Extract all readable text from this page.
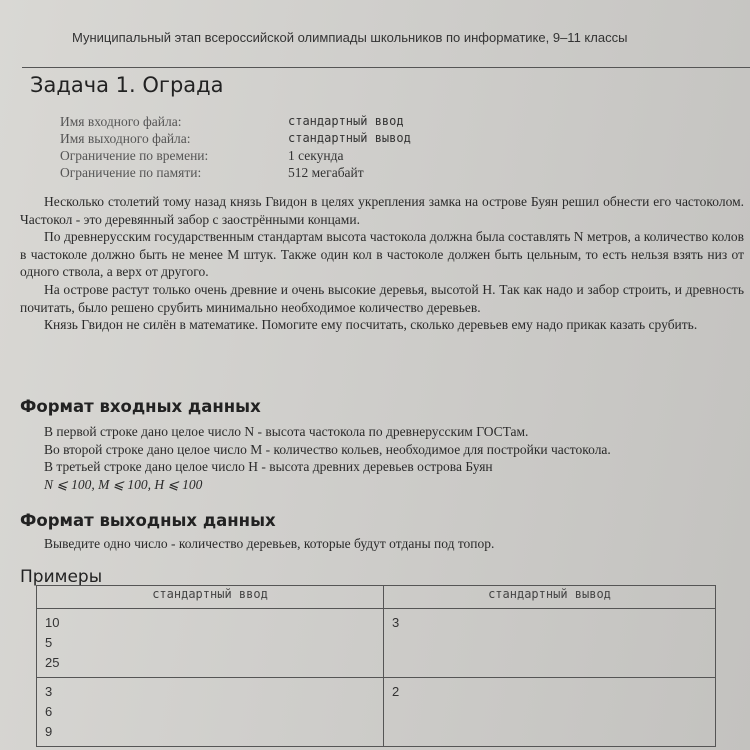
Муниципальный этап всероссийской олимпиады школьников по информатике, 9–11 классы
Задача 1. Ограда
Имя входного файла:	стандартный ввод
Имя выходного файла:	стандартный вывод
Ограничение по времени:	1 секунда
Ограничение по памяти:	512 мегабайт

Несколько столетий тому назад князь Гвидон в целях укрепления замка на острове Буян решил обнести его частоколом. Частокол - это деревянный забор с заострёнными концами.

По древнерусским государственным стандартам высота частокола должна была составлять N метров, а количество колов в частоколе должно быть не менее M штук. Также один кол в частоколе должен быть цельным, то есть нельзя взять низ от одного ствола, а верх от другого.

На острове растут только очень древние и очень высокие деревья, высотой H. Так как надо и забор строить, и древность почитать, было решено срубить минимально необходимое количество деревьев.

Князь Гвидон не силён в математике. Помогите ему посчитать, сколько деревьев ему надо прикак казать срубить.

Формат входных данных
В первой строке дано целое число N - высота частокола по древнерусским ГОСТам.
Во второй строке дано целое число M - количество кольев, необходимое для постройки частокола.
В третьей строке дано целое число H - высота древних деревьев острова Буян
N ⩽ 100, M ⩽ 100, H ⩽ 100
Формат выходных данных
Выведите одно число - количество деревьев, которые будут отданы под топор.
Примеры
стандартный ввод	стандартный вывод

10
5
25	3

3
6
9	2
